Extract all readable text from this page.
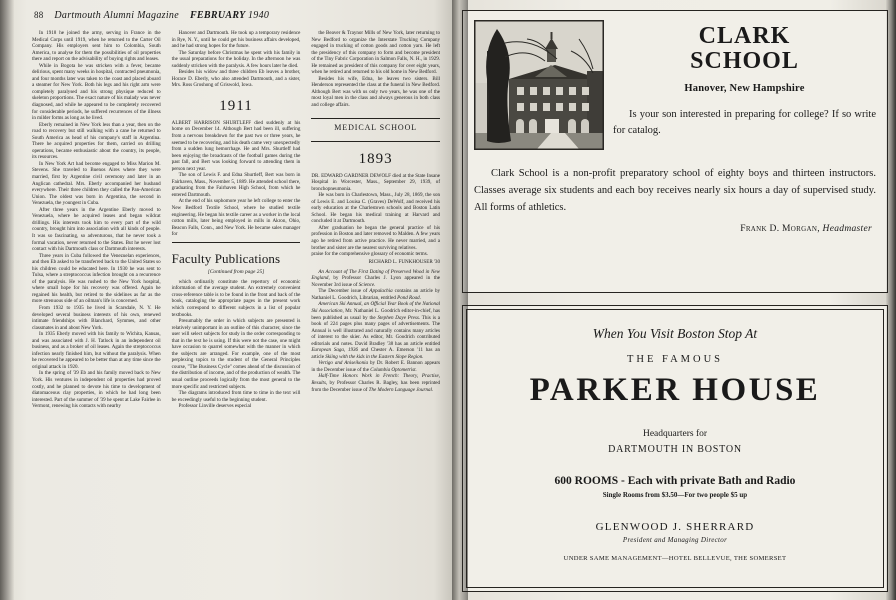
88 Dartmouth Alumni Magazine FEBRUARY 1940

In 1918 he joined the army, serving in France in the Medical Corps until 1919, when he returned to the Carter Oil Company. His employers sent him to Colombia, South America, to analyse for them the possibilities of oil properties there and report on the advisability of buying rights and leases.

While in Bogota he was stricken with a fever, became delirious, spent many weeks in hospital, contracted pneumonia, and four months later was taken to the coast and placed aboard a steamer for New York. Both his legs and his right arm were completely paralysed and his strong physique reduced to skeleton proportions. The exact nature of his malady was never diagnosed, and while he appeared to be completely recovered for considerable periods, he suffered recurrences of the illness in milder forms as long as he lived.

Eberly remained in New York less than a year, then on the road to recovery but still walking with a cane he returned to South America as head of his company's staff in Argentina. There he acquired properties for them, carried on drilling operations, became enthusiastic about the country, its people, its resources.

In New York Art had become engaged to Miss Marion M. Stevens. She traveled to Buenos Aires where they were married, first by Argentine civil ceremony and later in an Anglican cathedral. Mrs. Eberly accompanied her husband everywhere. Their three children they called the Pan-American Union. The oldest was born in Argentina, the second in Venezuela, the youngest in Cuba.

After three years in the Argentine Eberly moved to Venezuela, where he acquired leases and began wildcat drillings. His interests took him to every part of the wild country, brought him into association with all kinds of people. It was so fascinating, so adventurous, that he never took a formal vacation, never returned to the States. But he never lost contact with his Dartmouth class or Dartmouth interests.

Three years in Cuba followed the Venezuelan experiences, and then Eb asked to be transferred back to the United States so his children could be educated here. In 1930 he was sent to Tulsa, where a streptococcus infection brought on a recurrence of the paralysis. He was rushed to the New York hospital, where small hope for his recovery was offered. Again he regained his health, but retired to the sidelines as far as the more strenuous side of an oilman's life is concerned.

From 1932 to 1935 he lived in Scarsdale, N. Y. He developed several business interests of his own, renewed intimate friendships with Blanchard, Symmes, and other classmates in and about New York.

In 1935 Eberly moved with his family to Wichita, Kansas, and was associated with J. H. Tatlock in an independent oil business, and as a broker of oil leases. Again the streptococcus infection nearly finished him, but without the paralysis. When he recovered he appeared to be better than at any time since the original attack in 1920.

In the spring of '39 Eb and his family moved back to New York. His ventures in independent oil properties had proved costly, and he planned to devote his time to development of diatomaceous clay properties, in which he had long been interested. Part of the summer of '39 he spent at Lake Fairlee in Vermont, renewing his contacts with nearby

Hanover and Dartmouth. He took up a temporary residence in Rye, N. Y., until he could get his business affairs developed, and he had strong hopes for the future.

The Saturday before Christmas he spent with his family in the usual preparations for the holiday. In the afternoon he was suddenly stricken with the paralysis. A few hours later he died.

Besides his widow and three children Eb leaves a brother, Horace D. Eberly, who also attended Dartmouth, and a sister, Mrs. Ross Groshong of Griswold, Iowa.

1911

ALBERT HARRISON SHURTLEFF died suddenly at his home on December 14. Although Bert had been ill, suffering from a nervous breakdown for the past two or three years, he seemed to be recovering, and his death came very unexpectedly from a sudden lung hemorrhage. He and Mrs. Shurtleff had been enjoying the broadcasts of the football games during the past fall, and Bert was looking forward to attending them in person next year.

The son of Lewis F. and Edna Shurtleff, Bert was born in Fairhaven, Mass., November 5, 1889. He attended school there, graduating from the Fairhaven High School, from which he entered Dartmouth.

At the end of his sophomore year he left college to enter the New Bedford Textile School, where he studied textile engineering. He began his textile career as a worker in the local cotton mills, later being employed in mills in Akron, Ohio, Beacon Falls, Conn., and New York. He became sales manager for

Faculty Publications
[Continued from page 25]

which ordinarily constitute the repertory of economic information of the average student. An extremely convenient cross-reference table is to be found in the front and back of the book, cataloging the appropriate pages in the present work which correspond to different subjects in a list of popular textbooks.

Presumably the order in which subjects are presented is relatively unimportant in an outline of this character, since the user will select subjects for study in the order corresponding to that in the text he is using. If this were not the case, one might have occasion to quarrel somewhat with the manner in which the subjects are arranged. For example, one of the most perplexing topics to the student of the General Principles course, "The Business Cycle" comes ahead of the discussion of the distribution of income, and of the production of wealth. The usual outline proceeds logically from the most general to the more specific and restricted subjects.

The diagrams introduced from time to time in the text will be exceedingly useful to the beginning student.

Professor Linville deserves especial

the Beaver & Traynor Mills of New York, later returning to New Bedford to organize the Interstate Trucking Company engaged in trucking of cotton goods and cotton yarn. He left the presidency of this company to form and become president of the Tiny Fabric Corporation in Salmon Falls, N. H., in 1929. He remained as president of this company for over eight years, when he retired and returned to his old home in New Bedford.

Besides his wife, Edna, he leaves two sisters. Bill Henderson represented the class at the funeral in New Bedford. Although Bert was with us only two years, he was one of the most loyal men in the class and always generous in both class and college affairs.

MEDICAL SCHOOL
1893

DR. EDWARD GARDNER DEWOLF died at the State Insane Hospital in Worcester, Mass., September 29, 1939, of bronchopneumonia.

He was born in Charlestown, Mass., July 28, 1869, the son of Lewis E. and Louisa C. (Graves) DeWolf, and received his early education at the Charlestown schools and Boston Latin School. He began his medical training at Harvard and concluded it at Dartmouth.

After graduation he began the general practice of his profession in Boston and later removed to Malden. A few years ago he retired from active practice. He never married, and a brother and sister are the nearest surviving relatives.

praise for the comprehensive glossary of economic terms.

RICHARD L. FUNKHOUSER '30

An Account of The First Dating of Preserved Wood in New England, by Professor Charles J. Lyon appeared in the November 3rd issue of Science.

The December issue of Appalachia contains an article by Nathaniel L. Goodrich, Librarian, entitled Pond Road.

American Ski Annual, an Official Year Book of the National Ski Association, Mr. Nathaniel L. Goodrich editor-in-chief, has been published as usual by the Stephen Daye Press. This is a book of 224 pages plus many pages of advertisements. The Annual is well illustrated and naturally contains many articles of interest to the skier. As editor, Mr. Goodrich contributed editorials and notes. David Bradley '38 has an article entitled European Saga, 1936 and Chester A. Emerson '11 has an article Skiing with the kids in the Eastern Slope Region.

Vertigo and Aniseikonia by Dr. Robert E. Bannon appears in the December issue of the Columbia Optometrist.

Half-Time Honors Work in French: Theory, Practise, Results, by Professor Charles R. Bagley, has been reprinted from the December issue of The Modern Language Journal.

CLARK
SCHOOL
Hanover, New Hampshire
Is your son interested in preparing for college? If so write for catalog.
Clark School is a non-profit preparatory school of eighty boys and thirteen instructors. Classes average six students and each boy receives nearly six hours a day of supervised study. All forms of athletics.
Frank D. Morgan, Headmaster
When You Visit Boston Stop At
THE FAMOUS
PARKER HOUSE
Headquarters for
DARTMOUTH IN BOSTON
600 ROOMS - Each with private Bath and Radio
Single Rooms from $3.50—For two people $5 up
GLENWOOD J. SHERRARD
President and Managing Director
UNDER SAME MANAGEMENT—HOTEL BELLEVUE, THE SOMERSET
